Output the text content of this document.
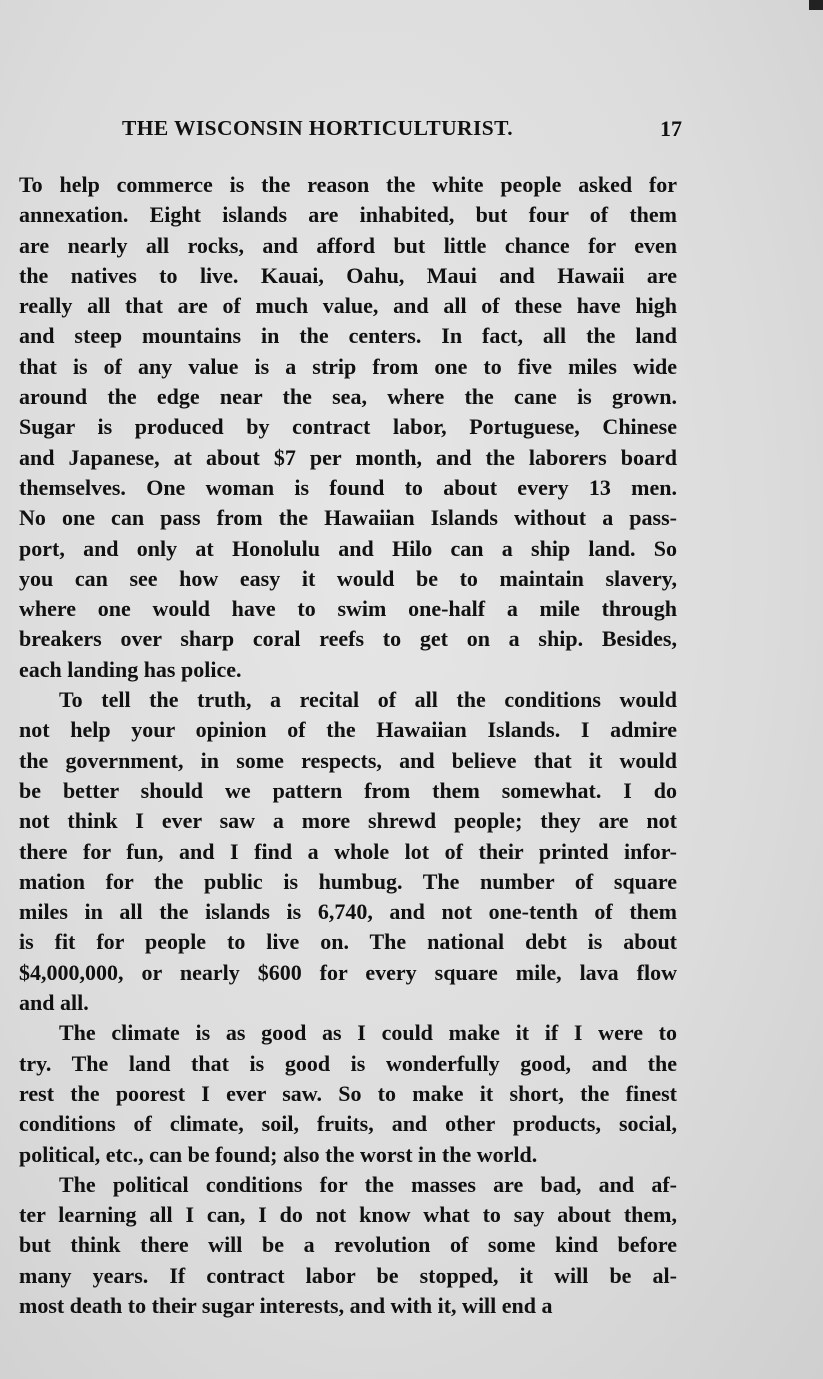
THE WISCONSIN HORTICULTURIST.	17
To help commerce is the reason the white people asked for
annexation. Eight islands are inhabited, but four of them
are nearly all rocks, and afford but little chance for even
the natives to live. Kauai, Oahu, Maui and Hawaii are
really all that are of much value, and all of these have high
and steep mountains in the centers. In fact, all the land
that is of any value is a strip from one to five miles wide
around the edge near the sea, where the cane is grown.
Sugar is produced by contract labor, Portuguese, Chinese
and Japanese, at about $7 per month, and the laborers board
themselves. One woman is found to about every 13 men.
No one can pass from the Hawaiian Islands without a pass-
port, and only at Honolulu and Hilo can a ship land. So
you can see how easy it would be to maintain slavery,
where one would have to swim one-half a mile through
breakers over sharp coral reefs to get on a ship. Besides,
each landing has police.
To tell the truth, a recital of all the conditions would
not help your opinion of the Hawaiian Islands. I admire
the government, in some respects, and believe that it would
be better should we pattern from them somewhat. I do
not think I ever saw a more shrewd people; they are not
there for fun, and I find a whole lot of their printed infor-
mation for the public is humbug. The number of square
miles in all the islands is 6,740, and not one-tenth of them
is fit for people to live on. The national debt is about
$4,000,000, or nearly $600 for every square mile, lava flow
and all.
The climate is as good as I could make it if I were to
try. The land that is good is wonderfully good, and the
rest the poorest I ever saw. So to make it short, the finest
conditions of climate, soil, fruits, and other products, social,
political, etc., can be found; also the worst in the world.
The political conditions for the masses are bad, and af-
ter learning all I can, I do not know what to say about them,
but think there will be a revolution of some kind before
many years. If contract labor be stopped, it will be al-
most death to their sugar interests, and with it, will end a
